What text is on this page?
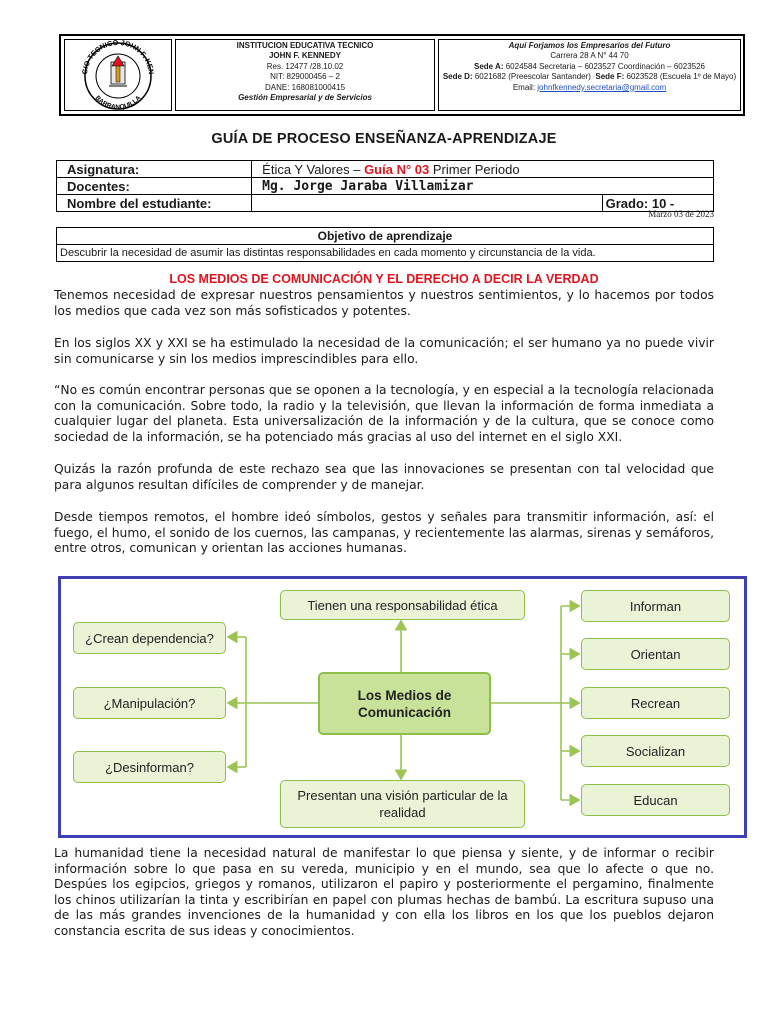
GIO TECNICO JOHN F. KEN
BARRANQUILLA
INSTITUCION EDUCATIVA TECNICO
JOHN F. KENNEDY
Res. 12477 /28.10.02
NIT: 829000456 – 2
DANE: 168081000415
Gestión Empresarial y de Servicios
Aquí Forjamos los Empresarios del Futuro
Carrera 28 A N° 44 70
Sede A: 6024584 Secretaria – 6023527 Coordinación – 6023526
Sede D: 6021682 (Preescolar Santander) Sede F: 6023528 (Escuela 1º de Mayo)
Email: johnfkennedy.secretaria@gmail.com
GUÍA DE PROCESO ENSEÑANZA-APRENDIZAJE
Asignatura:	Ética Y Valores – Guía N° 03 Primer Periodo	
Docentes:	Mg. Jorge Jaraba Villamizar	
Nombre del estudiante:		Grado: 10 -
Marzo 03 de 2023
Objetivo de aprendizaje
Descubrir la necesidad de asumir las distintas responsabilidades en cada momento y circunstancia de la vida.
LOS MEDIOS DE COMUNICACIÓN Y EL DERECHO A DECIR LA VERDAD
Tenemos necesidad de expresar nuestros pensamientos y nuestros sentimientos, y lo hacemos por todos los medios que cada vez son más sofisticados y potentes.
En los siglos XX y XXI se ha estimulado la necesidad de la comunicación; el ser humano ya no puede vivir sin comunicarse y sin los medios imprescindibles para ello.
“No es común encontrar personas que se oponen a la tecnología, y en especial a la tecnología relacionada con la comunicación. Sobre todo, la radio y la televisión, que llevan la información de forma inmediata a cualquier lugar del planeta. Esta universalización de la información y de la cultura, que se conoce como sociedad de la información, se ha potenciado más gracias al uso del internet en el siglo XXI.
Quizás la razón profunda de este rechazo sea que las innovaciones se presentan con tal velocidad que para algunos resultan difíciles de comprender y de manejar.
Desde tiempos remotos, el hombre ideó símbolos, gestos y señales para transmitir información, así: el fuego, el humo, el sonido de los cuernos, las campanas, y recientemente las alarmas, sirenas y semáforos, entre otros, comunican y orientan las acciones humanas.
Los Medios de Comunicación
Tienen una responsabilidad ética
Presentan una visión particular de la realidad
¿Crean dependencia?
¿Manipulación?
¿Desinforman?
Informan
Orientan
Recrean
Socializan
Educan
La humanidad tiene la necesidad natural de manifestar lo que piensa y siente, y de informar o recibir información sobre lo que pasa en su vereda, municipio y en el mundo, sea que lo afecte o que no. Despúes los egipcios, griegos y romanos, utilizaron el papiro y posteriormente el pergamino, finalmente los chinos utilizarían la tinta y escribirían en papel con plumas hechas de bambú. La escritura supuso una de las más grandes invenciones de la humanidad y con ella los libros en los que los pueblos dejaron constancia escrita de sus ideas y conocimientos.
